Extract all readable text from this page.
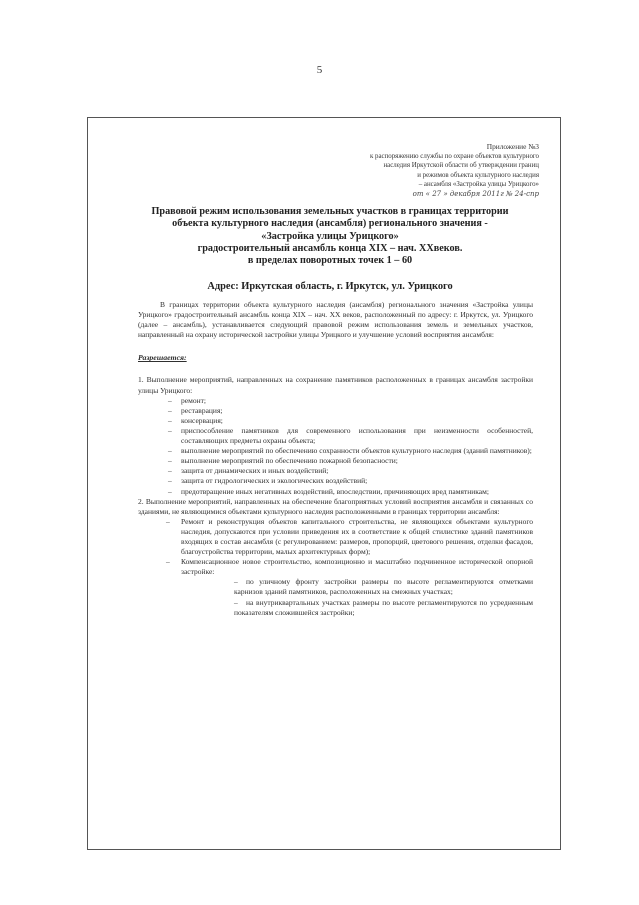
5
Приложение №3
к распоряжению службы по охране объектов культурного
наследия Иркутской области об утверждении границ
и режимов объекта культурного наследия
– ансамбля «Застройка улицы Урицкого»
от « 27 » декабря 2011г № 24-спр
Правовой режим использования земельных участков в границах территории
объекта культурного наследия (ансамбля) регионального значения -
«Застройка улицы Урицкого»
градостроительный ансамбль конца XIX – нач. XXвеков.
в пределах поворотных точек 1 – 60
Адрес: Иркутская область, г. Иркутск, ул. Урицкого

В границах территории объекта культурного наследия (ансамбля) регионального значения «Застройка улицы Урицкого» градостроительный ансамбль конца XIX – нач. XX веков, расположенный по адресу: г. Иркутск, ул. Урицкого (далее – ансамбль), устанавливается следующий правовой режим использования земель и земельных участков, направленный на охрану исторической застройки улицы Урицкого и улучшение условий восприятия ансамбля:

Разрешается:

1. Выполнение мероприятий, направленных на сохранение памятников расположенных в границах ансамбля застройки улицы Урицкого:

– ремонт;
– реставрация;
– консервация;
– приспособление памятников для современного использования при неизменности особенностей, составляющих предметы охраны объекта;
– выполнение мероприятий по обеспечению сохранности объектов культурного наследия (зданий памятников);
– выполнение мероприятий по обеспечению пожарной безопасности;
– защита от динамических и иных воздействий;
– защита от гидрологических и экологических воздействий;
– предотвращение иных негативных воздействий, впоследствии, причиняющих вред памятникам;

2. Выполнение мероприятий, направленных на обеспечение благоприятных условий восприятия ансамбля и связанных со зданиями, не являющимися объектами культурного наследия расположенными в границах территории ансамбля:

– Ремонт и реконструкция объектов капитального строительства, не являющихся объектами культурного наследия, допускаются при условии приведения их в соответствие к общей стилистике зданий памятников входящих в состав ансамбля (с регулированием: размеров, пропорций, цветового решения, отделки фасадов, благоустройства территории, малых архитектурных форм);
– Компенсационное новое строительство, композиционно и масштабно подчиненное исторической опорной застройке:
– по уличному фронту застройки размеры по высоте регламентируются отметками карнизов зданий памятников, расположенных на смежных участках;
– на внутриквартальных участках размеры по высоте регламентируются по усредненным показателям сложившейся застройки;
